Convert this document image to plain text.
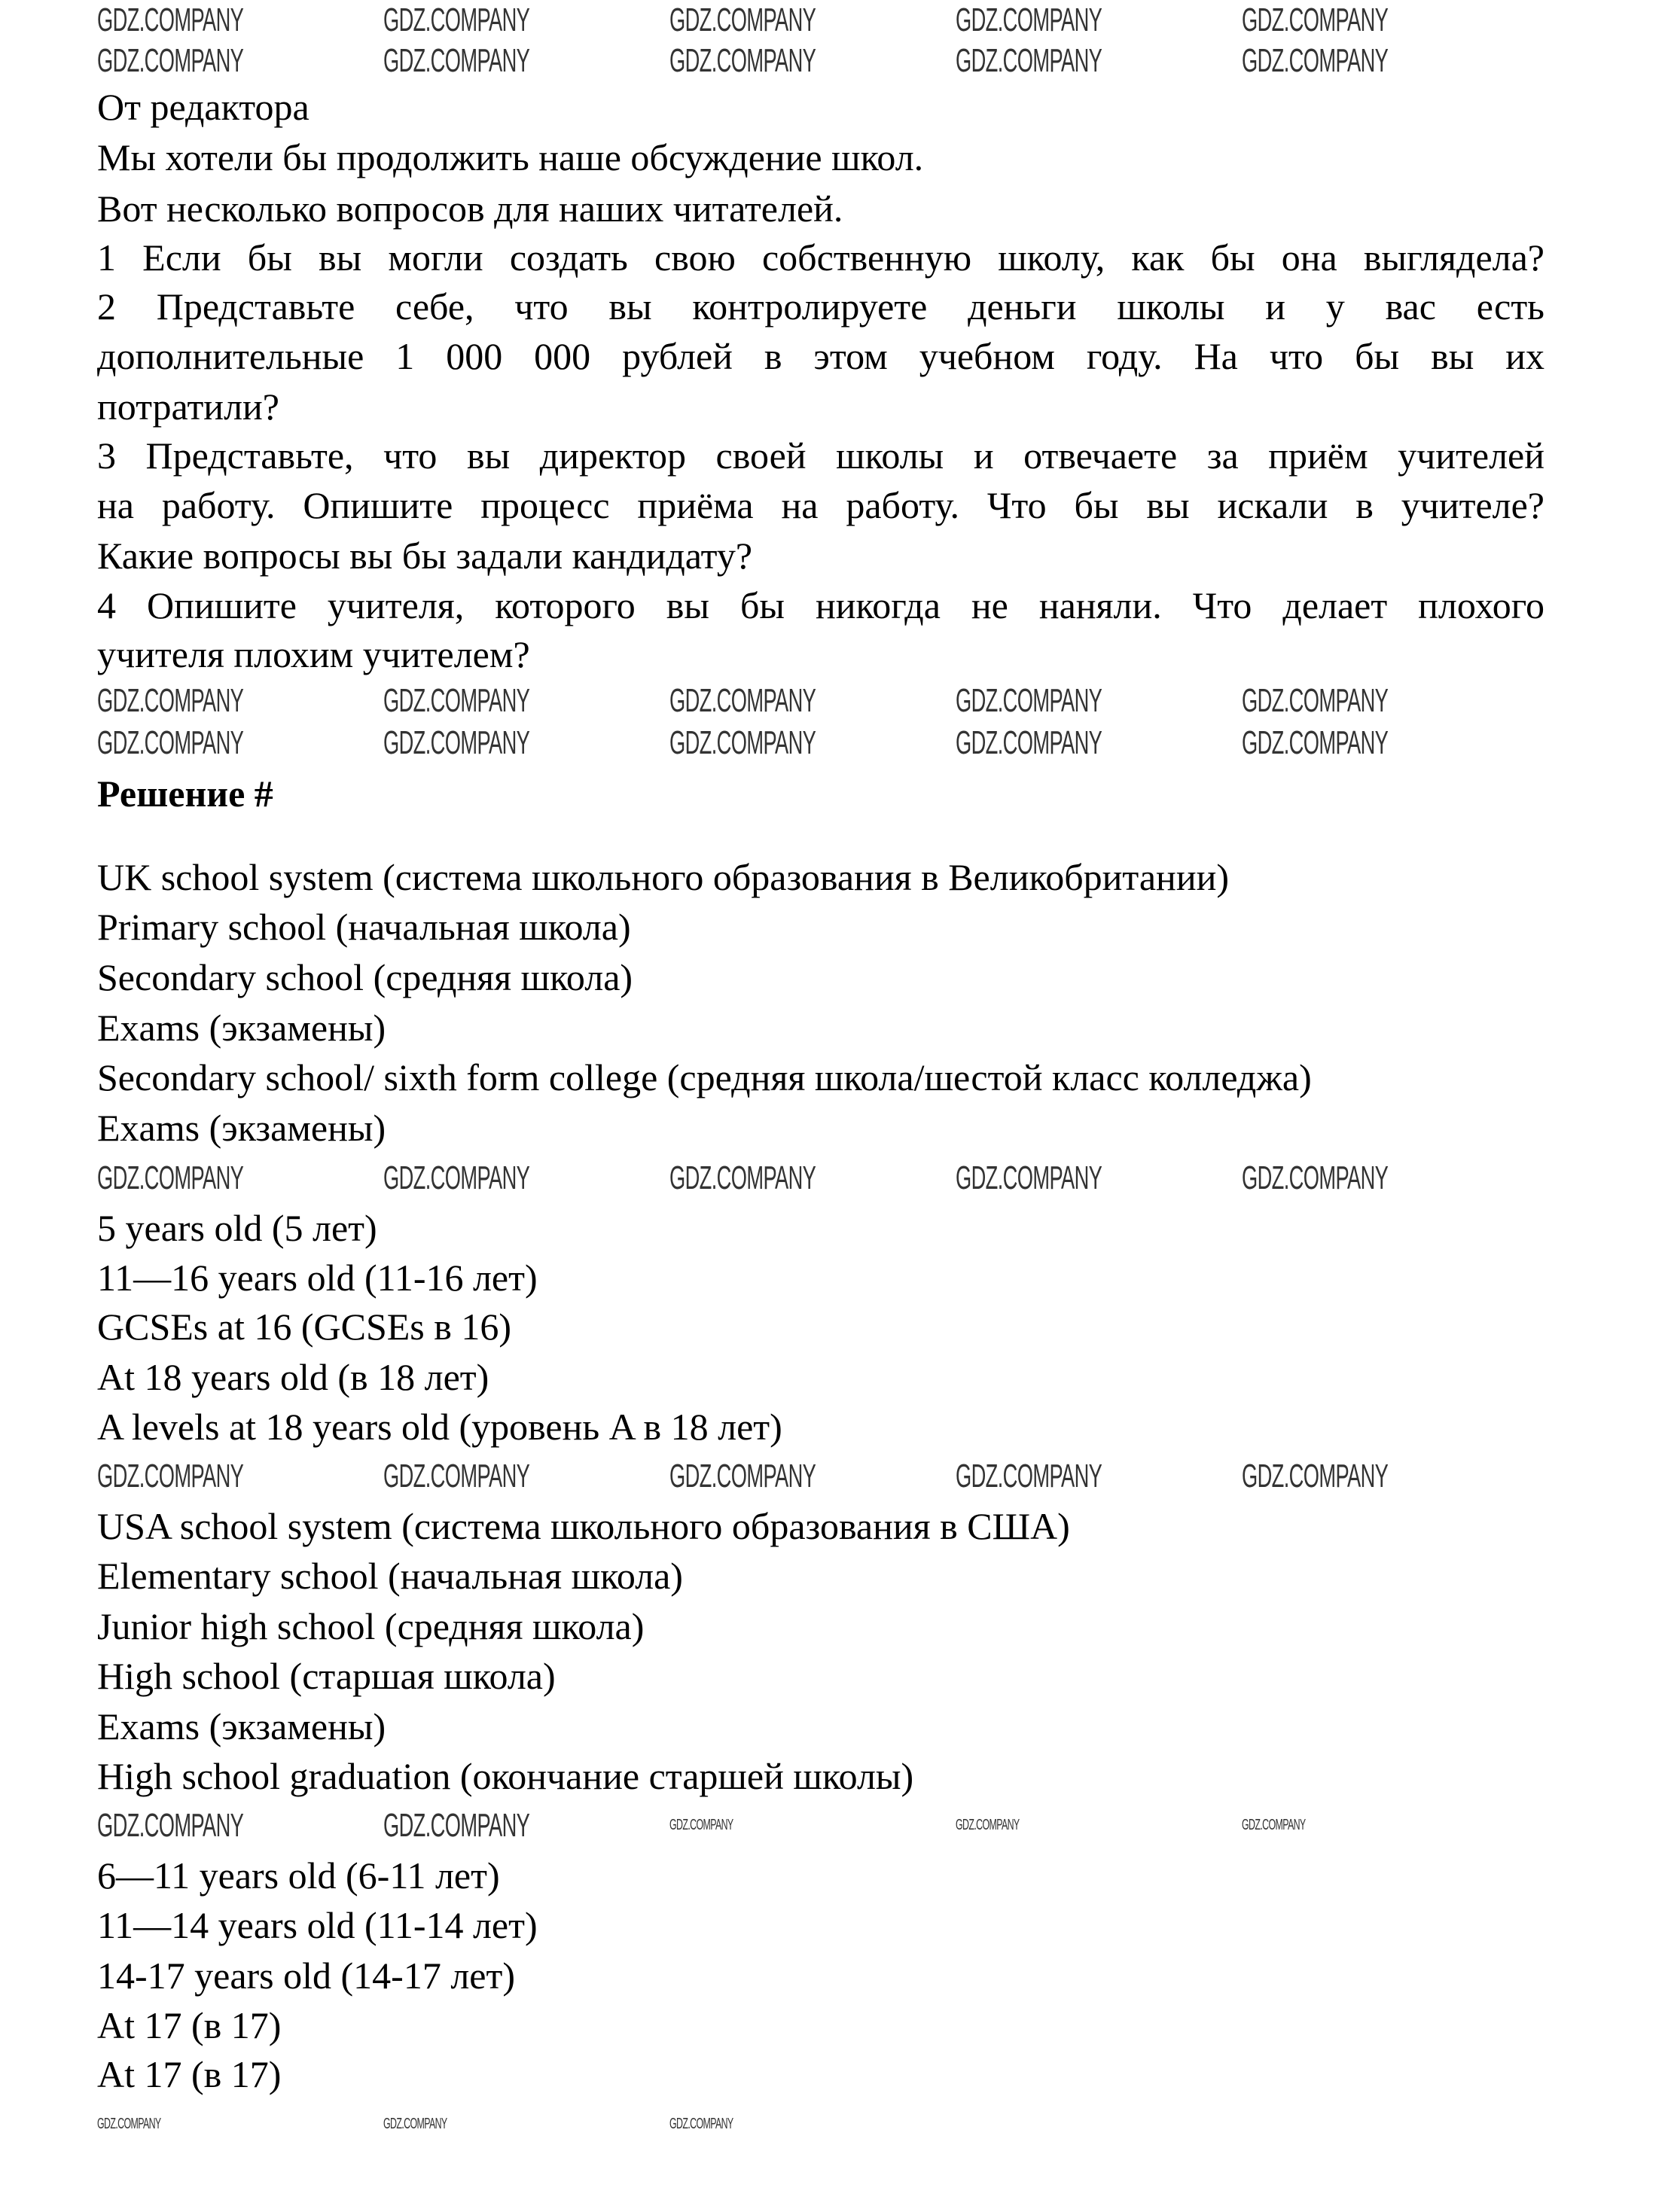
От редактора
Мы хотели бы продолжить наше обсуждение школ.
Вот несколько вопросов для наших читателей.
1 Если бы вы могли создать свою собственную школу, как бы она выглядела?
2 Представьте себе, что вы контролируете деньги школы и у вас есть
дополнительные 1 000 000 рублей в этом учебном году. На что бы вы их
потратили?
3 Представьте, что вы директор своей школы и отвечаете за приём учителей
на работу. Опишите процесс приёма на работу. Что бы вы искали в учителе?
Какие вопросы вы бы задали кандидату?
4 Опишите учителя, которого вы бы никогда не наняли. Что делает плохого
учителя плохим учителем?
Решение #
UK school system (система школьного образования в Великобритании)
Primary school (начальная школа)
Secondary school (средняя школа)
Exams (экзамены)
Secondary school/ sixth form college (средняя школа/шестой класс колледжа)
Exams (экзамены)
5 years old (5 лет)
11—16 years old (11-16 лет)
GCSEs at 16 (GCSEs в 16)
At 18 years old (в 18 лет)
A levels at 18 years old (уровень A в 18 лет)
USA school system (система школьного образования в США)
Elementary school (начальная школа)
Junior high school (средняя школа)
High school (старшая школа)
Exams (экзамены)
High school graduation (окончание старшей школы)
6—11 years old (6-11 лет)
11—14 years old (11-14 лет)
14-17 years old (14-17 лет)
At 17 (в 17)
At 17 (в 17)
GDZ.COMPANY	GDZ.COMPANY	GDZ.COMPANY	GDZ.COMPANY	GDZ.COMPANY
GDZ.COMPANY	GDZ.COMPANY	GDZ.COMPANY	GDZ.COMPANY	GDZ.COMPANY
GDZ.COMPANY	GDZ.COMPANY	GDZ.COMPANY	GDZ.COMPANY	GDZ.COMPANY
GDZ.COMPANY	GDZ.COMPANY	GDZ.COMPANY	GDZ.COMPANY	GDZ.COMPANY
GDZ.COMPANY	GDZ.COMPANY	GDZ.COMPANY	GDZ.COMPANY	GDZ.COMPANY
GDZ.COMPANY	GDZ.COMPANY	GDZ.COMPANY	GDZ.COMPANY	GDZ.COMPANY
GDZ.COMPANY	GDZ.COMPANY	GDZ.COMPANY	GDZ.COMPANY	GDZ.COMPANY
GDZ.COMPANY	GDZ.COMPANY	GDZ.COMPANY
